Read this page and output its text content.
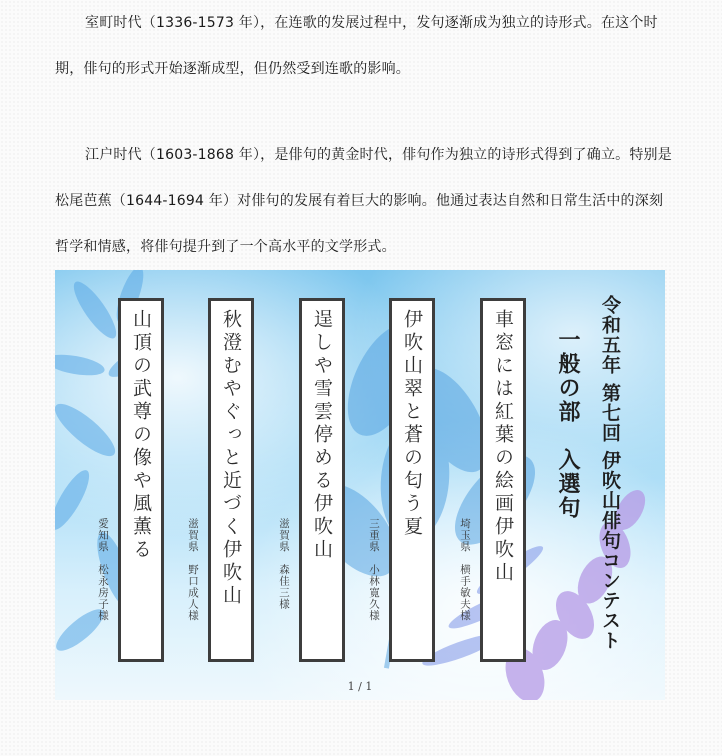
室町时代（1336-1573 年），在连歌的发展过程中，发句逐渐成为独立的诗形式。在这个时期，俳句的形式开始逐渐成型，但仍然受到连歌的影响。

江户时代（1603-1868 年），是俳句的黄金时代，俳句作为独立的诗形式得到了确立。特别是松尾芭蕉（1644-1694 年）对俳句的发展有着巨大的影响。他通过表达自然和日常生活中的深刻哲学和情感，将俳句提升到了一个高水平的文学形式。

令和五年 第七回 伊吹山俳句コンテスト
一般の部　入選句
車窓には紅葉の絵画伊吹山
埼玉県　横手敏夫様
伊吹山翠と蒼の匂う夏
三重県　小林寛久様
逞しや雪雲停める伊吹山
滋賀県　森佳三様
秋澄むやぐっと近づく伊吹山
滋賀県　野口成人様
山頂の武尊の像や風薫る
愛知県　松永房子様
1 / 1
